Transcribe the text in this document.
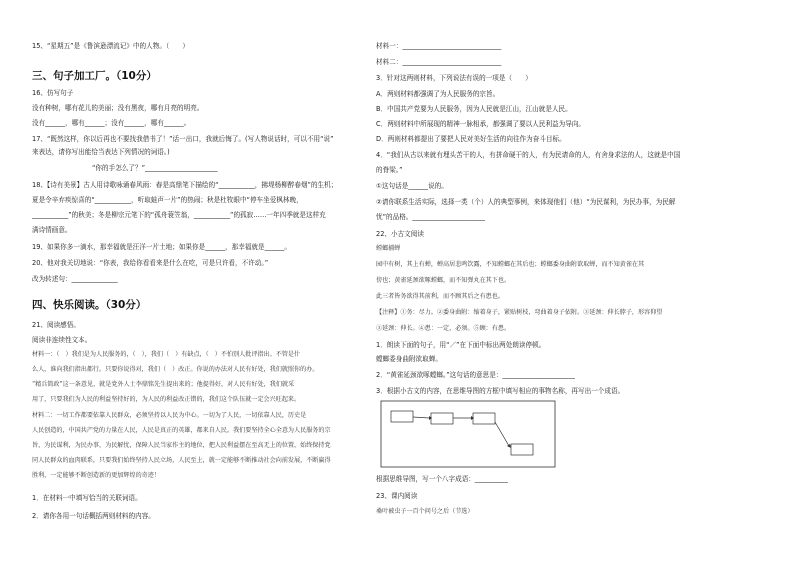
15、“星期五”是《鲁滨逊漂流记》中的人物。（　　）
三、句子加工厂。（10分）
16、仿写句子
没有种树，哪有花儿的美丽；没有黑夜，哪有月亮的明亮。
没有______，哪有______；没有______，哪有______。
17、“既然这样，你以后再也不要找我借书了！”话一出口，我就后悔了。(写人物说话时，可以不用“说”
来表达，请你写出能恰当表达下列情况的词语。)
“你的手怎么了？”______________________
18、【诗有美景】古人用诗歌咏诵春风雨：春是高鼎笔下描绘的“___________，拂堤杨柳醉春烟”的生机；
夏是令辛弃疾惊喜的“___________，听取蛙声一片”的热闹；秋是杜牧眼中“停车坐爱枫林晚，
___________”的秋美；冬是柳宗元笔下的“孤舟蓑笠翁，___________”的孤寂……一年四季就是这样充
满诗情画意。
19、如果你多一滴水，那幸福就是汪洋一片土地；如果你是______，那幸福就是______。
20、他对我关切地说：“你表，我给你看看来是什么在吃，可是只许看，不许动。”
改为转述句：______________
四、快乐阅读。（30分）
21、阅读感悟。
阅读非连续性文本。
材料一：（　）我们是为人民服务的，（　），我们（　）有缺点，（　）不怕别人批评指出。不管是什
么人，谁向我们指出都行。只要你说得对，我们（　）改正。你说的办法对人民有好处，我们就照你的办。
“精兵简政”这一条意见，就是党外人士李鼎铭先生提出来的；他提得好，对人民有好处，我们就采
用了，只要我们为人民的利益坚持好的，为人民的利益改正错的，我们这个队伍就一定会兴旺起来。
材料二：一切工作都要依靠人民群众，必须坚持以人民为中心。一切为了人民，一切依靠人民，历史是
人民创造的，中国共产党的力量在人民，人民是真正的英雄，都来自人民。我们要坚持全心全意为人民服务的宗
旨，为民谋利，为民办事，为民解忧，保障人民当家作主的地位，把人民利益摆在至高无上的位置，始终保持党
同人民群众的血肉联系，只要我们始终坚持人民立场，人民至上，就一定能够不断推动社会向前发展，不断赢得
胜利，一定能够不断创造新的更加辉煌的奇迹！
1．在材料一中填写恰当的关联词语。
2．请你各用一句话概括两则材料的内容。
材料一：______________________________
材料二：______________________________
3．针对这两则材料，下列说法有误的一项是（　　）
A．两则材料都强调了为人民服务的宗旨。
B．中国共产党要为人民服务，因为人民就是江山，江山就是人民。
C．两则材料中所展现的精神一脉相承，都强调了要以人民利益为导向。
D．两则材料都提出了要把人民对美好生活的向往作为奋斗目标。
4．“我们从古以来就有埋头苦干的人，有拼命硬干的人，有为民请命的人，有舍身求法的人，这就是中国
的脊梁。”
①这句话是______说的。
②请你联系生活实际，选择一类（个）人的典型事例，来体现他们（他）“为民谋利，为民办事，为民解
忧”的品格。______________________
22、小古文阅读
螳螂捕蝉
园中有树，其上有蝉，蝉高居悲鸣饮露，不知螳螂在其后也；螳螂委身曲附欲取蝉，而不知黄雀在其
傍也；黄雀延颈欲啄螳螂，而不知弹丸在其下也。
此三者皆务欲得其前利，而不顾其后之有患也。
【注释】①务：尽力。②委身曲附：缩着身子，紧贴树枝，弯曲着身子依附。③延颈：伸长脖子，形容仰望
③延颈：伸长。④患：一定，必须。⑤顾：有患。
1．朗读下面的句子，用“／”在下面中标出两处朗读停顿。
螳螂委身曲附欲取蝉。
2．“黄雀延颈欲啄螳螂。”这句话的意思是：______________________
3．根据小古文的内容，在思维导图的方框中填写相应的事物名称，再写出一个成语。
根据思维导图，写一个八字成语：__________
23、课内阅读
桑叶被虫子一百个问号之后（节选）
